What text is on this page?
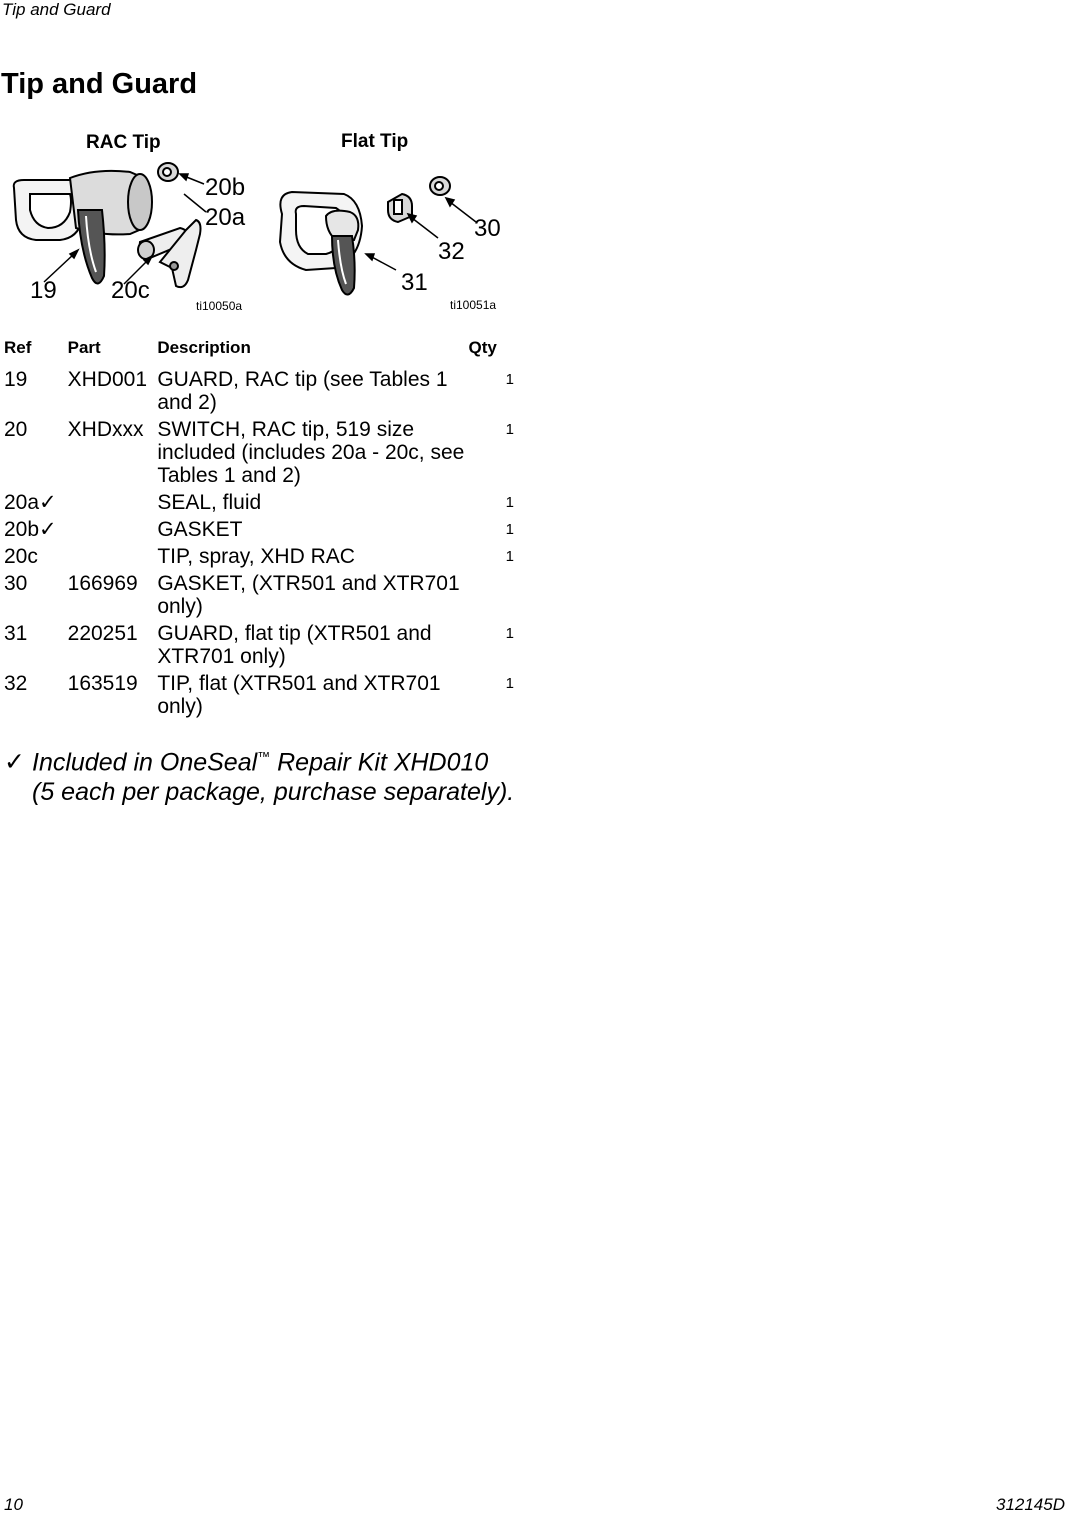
Tip and Guard
Tip and Guard
RAC Tip	Flat Tip
20b
20a
19 20c
ti10050a
30
32
31
ti10051a
Ref	Part	Description	Qty
19	XHD001	GUARD, RAC tip (see Tables 1 and 2)	1
20	XHDxxx	SWITCH, RAC tip, 519 size included (includes 20a - 20c, see Tables 1 and 2)	1
20a✓		SEAL, fluid	1
20b✓		GASKET	1
20c		TIP, spray, XHD RAC	1
30	166969	GASKET, (XTR501 and XTR701 only)	
31	220251	GUARD, flat tip (XTR501 and XTR701 only)	1
32	163519	TIP, flat (XTR501 and XTR701 only)	1
✓ Included in OneSeal™ Repair Kit XHD010
(5 each per package, purchase separately).
10	312145D
